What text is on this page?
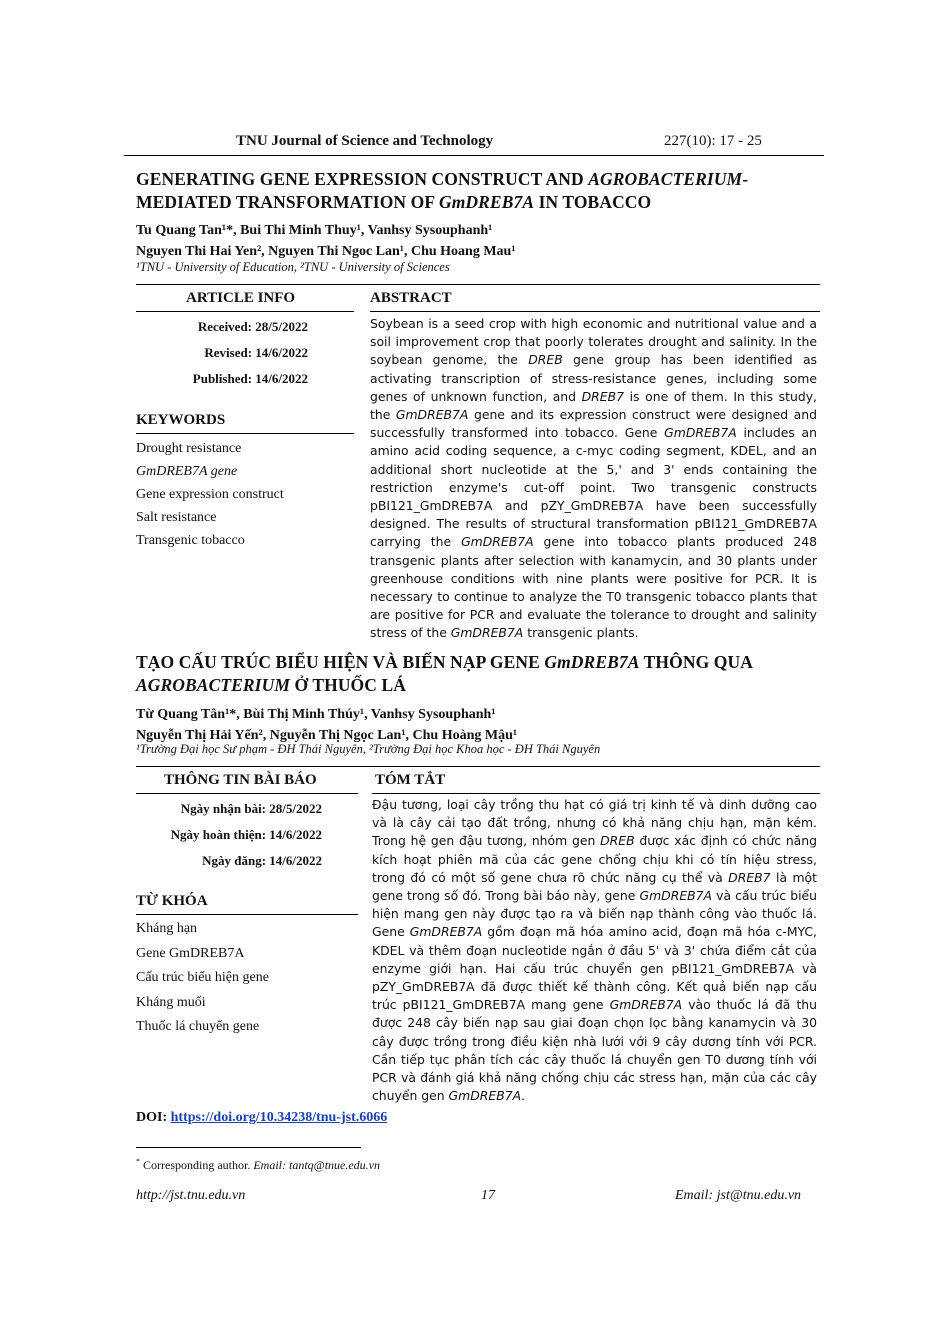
TNU Journal of Science and Technology	227(10): 17 - 25
GENERATING GENE EXPRESSION CONSTRUCT AND AGROBACTERIUM-
MEDIATED TRANSFORMATION OF GmDREB7A IN TOBACCO
Tu Quang Tan¹*, Bui Thi Minh Thuy¹, Vanhsy Sysouphanh¹
Nguyen Thi Hai Yen², Nguyen Thi Ngoc Lan¹, Chu Hoang Mau¹
¹TNU - University of Education, ²TNU - University of Sciences
ARTICLE INFO	ABSTRACT
Received: 28/5/2022
Revised: 14/6/2022
Published: 14/6/2022
KEYWORDS
Drought resistance
GmDREB7A gene
Gene expression construct
Salt resistance
Transgenic tobacco
Soybean is a seed crop with high economic and nutritional value and a soil improvement crop that poorly tolerates drought and salinity. In the soybean genome, the DREB gene group has been identified as activating transcription of stress-resistance genes, including some genes of unknown function, and DREB7 is one of them. In this study, the GmDREB7A gene and its expression construct were designed and successfully transformed into tobacco. Gene GmDREB7A includes an amino acid coding sequence, a c-myc coding segment, KDEL, and an additional short nucleotide at the 5,' and 3' ends containing the restriction enzyme's cut-off point. Two transgenic constructs pBI121_GmDREB7A and pZY_GmDREB7A have been successfully designed. The results of structural transformation pBI121_GmDREB7A carrying the GmDREB7A gene into tobacco plants produced 248 transgenic plants after selection with kanamycin, and 30 plants under greenhouse conditions with nine plants were positive for PCR. It is necessary to continue to analyze the T0 transgenic tobacco plants that are positive for PCR and evaluate the tolerance to drought and salinity stress of the GmDREB7A transgenic plants.
TẠO CẤU TRÚC BIỂU HIỆN VÀ BIẾN NẠP GENE GmDREB7A THÔNG QUA
AGROBACTERIUM Ở THUỐC LÁ
Từ Quang Tân¹*, Bùi Thị Minh Thúy¹, Vanhsy Sysouphanh¹
Nguyễn Thị Hải Yến², Nguyễn Thị Ngọc Lan¹, Chu Hoàng Mậu¹
¹Trường Đại học Sư phạm - ĐH Thái Nguyên, ²Trường Đại học Khoa học - ĐH Thái Nguyên
THÔNG TIN BÀI BÁO	TÓM TẮT
Ngày nhận bài: 28/5/2022
Ngày hoàn thiện: 14/6/2022
Ngày đăng: 14/6/2022
TỪ KHÓA
Kháng hạn
Gene GmDREB7A
Cấu trúc biểu hiện gene
Kháng muối
Thuốc lá chuyển gene
Đậu tương, loại cây trồng thu hạt có giá trị kinh tế và dinh dưỡng cao và là cây cải tạo đất trồng, nhưng có khả năng chịu hạn, mặn kém. Trong hệ gen đậu tương, nhóm gen DREB được xác định có chức năng kích hoạt phiên mã của các gene chống chịu khi có tín hiệu stress, trong đó có một số gene chưa rõ chức năng cụ thể và DREB7 là một gene trong số đó. Trong bài báo này, gene GmDREB7A và cấu trúc biểu hiện mang gen này được tạo ra và biến nạp thành công vào thuốc lá. Gene GmDREB7A gồm đoạn mã hóa amino acid, đoạn mã hóa c-MYC, KDEL và thêm đoạn nucleotide ngắn ở đầu 5' và 3' chứa điểm cắt của enzyme giới hạn. Hai cấu trúc chuyển gen pBI121_GmDREB7A và pZY_GmDREB7A đã được thiết kế thành công. Kết quả biến nạp cấu trúc pBI121_GmDREB7A mang gene GmDREB7A vào thuốc lá đã thu được 248 cây biến nạp sau giai đoạn chọn lọc bằng kanamycin và 30 cây được trồng trong điều kiện nhà lưới với 9 cây dương tính với PCR. Cần tiếp tục phân tích các cây thuốc lá chuyển gen T0 dương tính với PCR và đánh giá khả năng chống chịu các stress hạn, mặn của các cây chuyển gen GmDREB7A.
DOI: https://doi.org/10.34238/tnu-jst.6066
* Corresponding author. Email: tantq@tnue.edu.vn
http://jst.tnu.edu.vn	17	Email: jst@tnu.edu.vn
